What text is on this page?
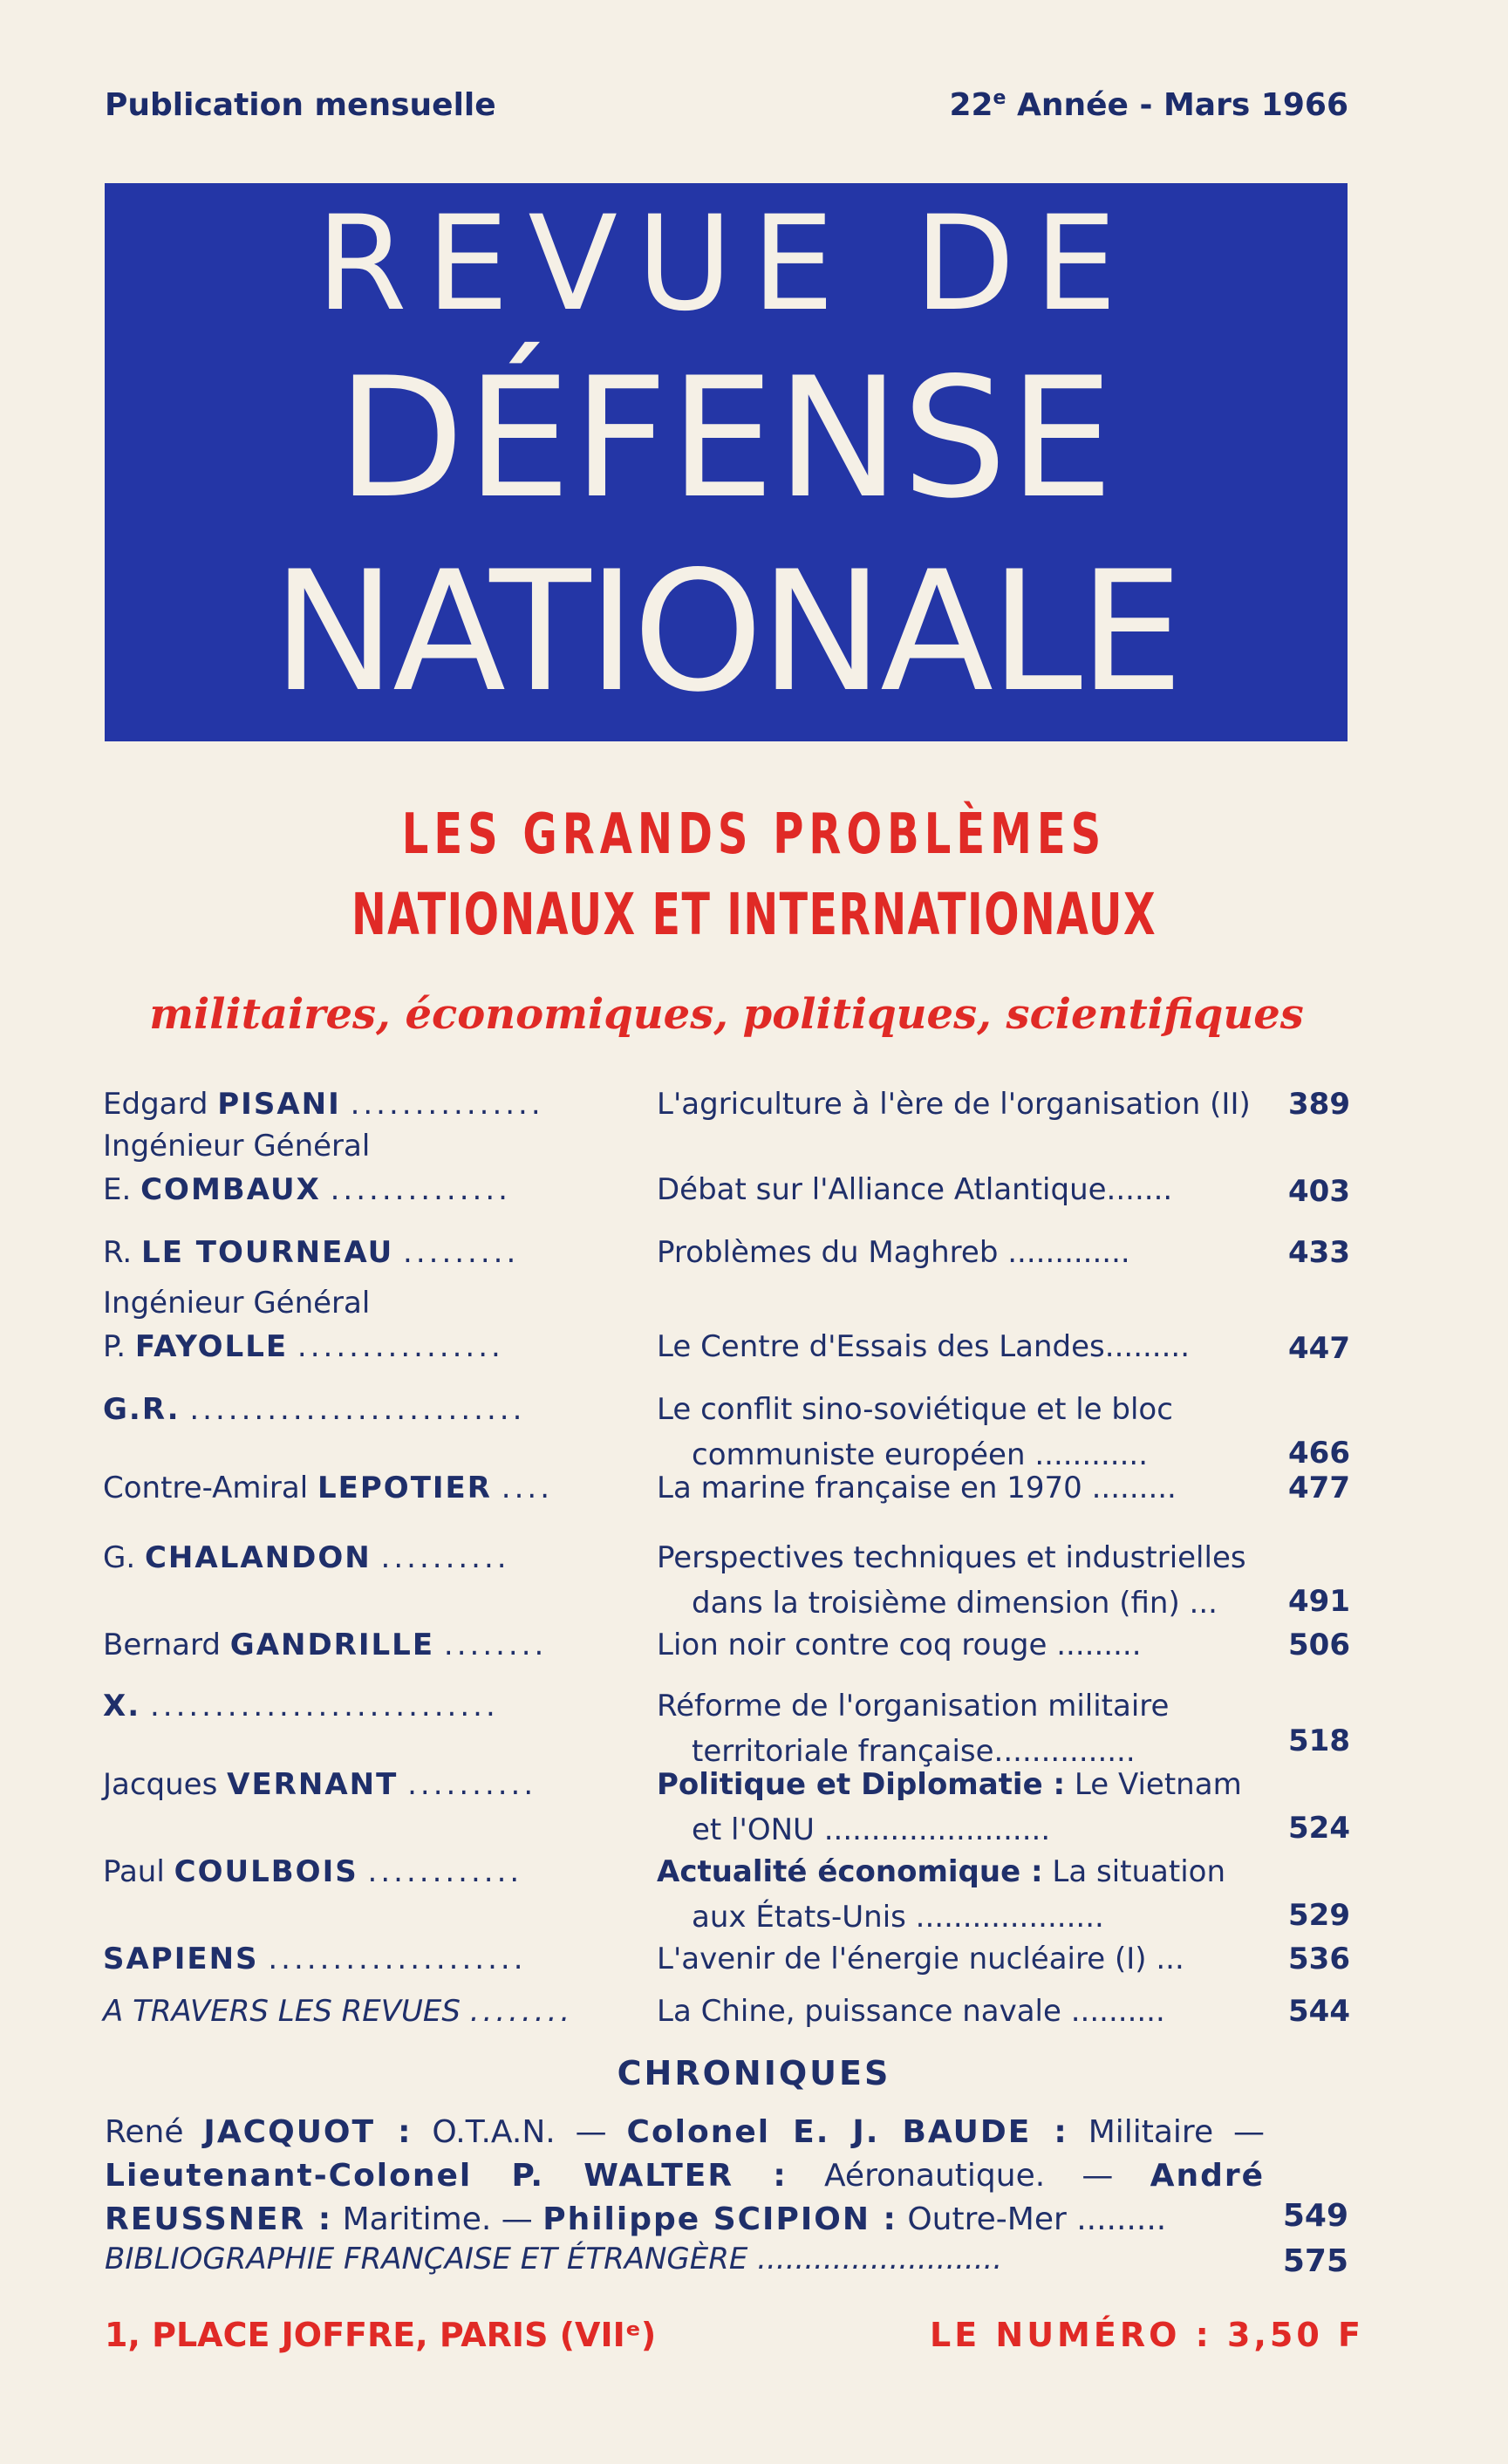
Publication mensuelle	22e Année - Mars 1966
REVUE DE
DÉFENSE
NATIONALE
LES GRANDS PROBLÈMES
NATIONAUX ET INTERNATIONAUX
militaires, économiques, politiques, scientifiques
Edgard PISANI ...............	L'agriculture à l'ère de l'organisation (II) 389
Ingénieur Général
E. COMBAUX ..............	Débat sur l'Alliance Atlantique.......	403
R. LE TOURNEAU .........	Problèmes du Maghreb .............	433
Ingénieur Général
P. FAYOLLE ................	Le Centre d'Essais des Landes.........	447
G.R. ..........................	Le conflit sino-soviétique et le bloc
communiste européen ............	466
Contre-Amiral LEPOTIER ....	La marine française en 1970 .........	477
G. CHALANDON ..........	Perspectives techniques et industrielles
dans la troisième dimension (fin) ...	491
Bernard GANDRILLE ........	Lion noir contre coq rouge .........	506
X. ...........................	Réforme de l'organisation militaire
territoriale française...............	518
Jacques VERNANT ..........	Politique et Diplomatie : Le Vietnam
et l'ONU ........................	524
Paul COULBOIS ............	Actualité économique : La situation
aux États-Unis ....................	529
SAPIENS ....................	L'avenir de l'énergie nucléaire (I) ...	536
A TRAVERS LES REVUES ........	La Chine, puissance navale ..........	544
CHRONIQUES
René JACQUOT : O.T.A.N. — Colonel E. J. BAUDE : Militaire — Lieutenant-Colonel P. WALTER : Aéronautique. — André REUSSNER : Maritime. — Philippe SCIPION : Outre-Mer .........	549
BIBLIOGRAPHIE FRANÇAISE ET ÉTRANGÈRE ..........................	575
1, PLACE JOFFRE, PARIS (VIIᵉ)	LE NUMÉRO : 3,50 F
